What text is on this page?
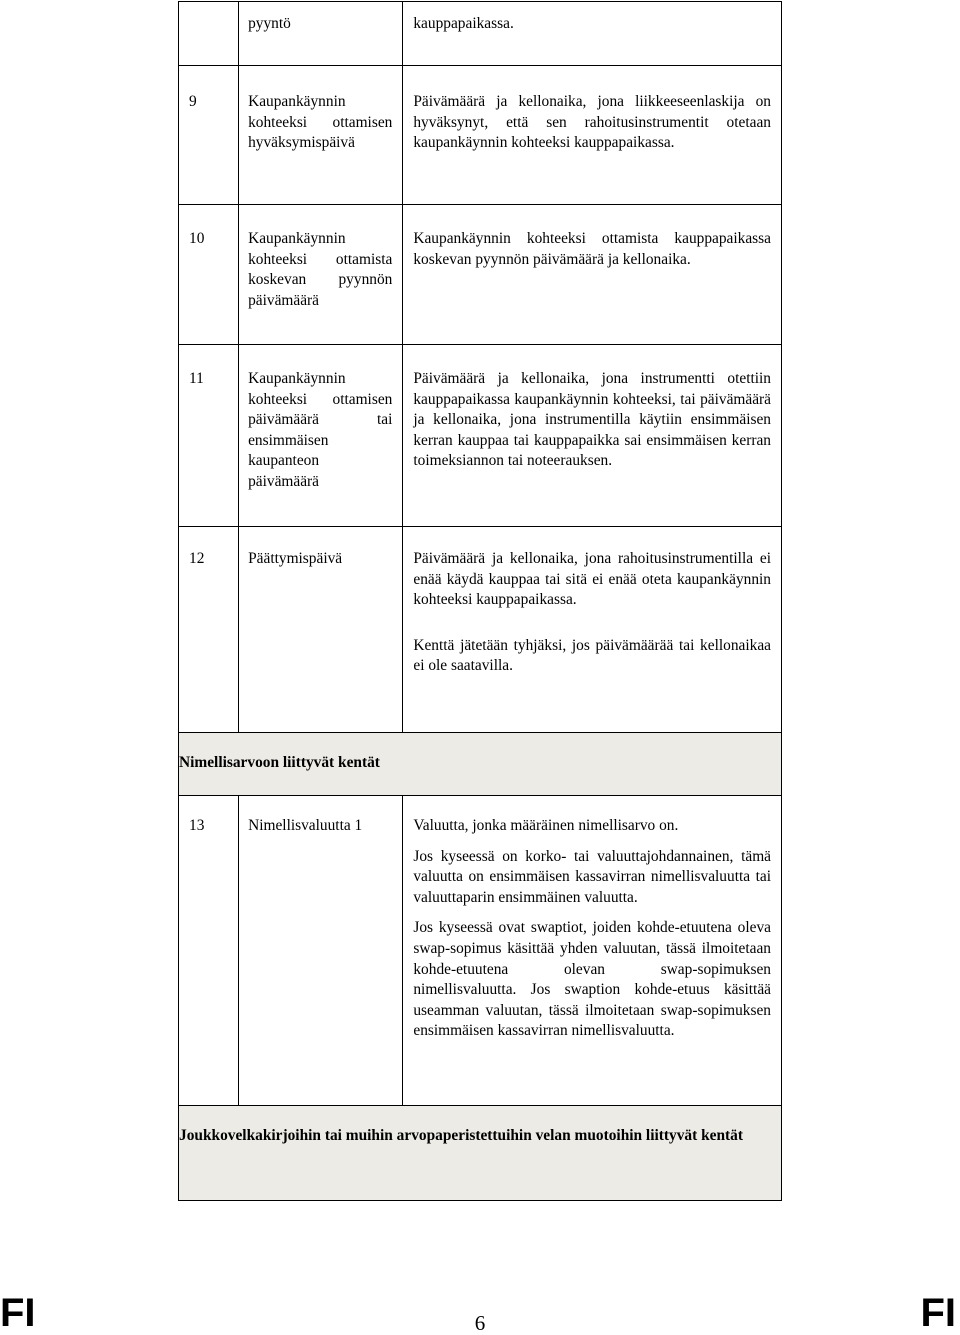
	pyyntö	kauppapaikassa.

9	Kaupankäynnin kohteeksi ottamisen hyväksymispäivä	Päivämäärä ja kellonaika, jona liikkeeseenlaskija on hyväksynyt, että sen rahoitusinstrumentit otetaan kaupankäynnin kohteeksi kauppapaikassa.

10	Kaupankäynnin kohteeksi ottamista koskevan pyynnön päivämäärä	Kaupankäynnin kohteeksi ottamista kauppapaikassa koskevan pyynnön päivämäärä ja kellonaika.

11	Kaupankäynnin kohteeksi ottamisen päivämäärä tai ensimmäisen kaupanteon päivämäärä	Päivämäärä ja kellonaika, jona instrumentti otettiin kauppapaikassa kaupankäynnin kohteeksi, tai päivämäärä ja kellonaika, jona instrumentilla käytiin ensimmäisen kerran kauppaa tai kauppapaikka sai ensimmäisen kerran toimeksiannon tai noteerauksen.

12	Päättymispäivä	Päivämäärä ja kellonaika, jona rahoitusinstrumentilla ei enää käydä kauppaa tai sitä ei enää oteta kaupankäynnin kohteeksi kauppapaikassa.

Kenttä jätetään tyhjäksi, jos päivämäärää tai kellonaikaa ei ole saatavilla.

Nimellisarvoon liittyvät kentät		

13	Nimellisvaluutta 1	Valuutta, jonka määräinen nimellisarvo on.

Jos kyseessä on korko- tai valuuttajohdannainen, tämä valuutta on ensimmäisen kassavirran nimellisvaluutta tai valuuttaparin ensimmäinen valuutta.

Jos kyseessä ovat swaptiot, joiden kohde-etuutena oleva swap-sopimus käsittää yhden valuutan, tässä ilmoitetaan kohde-etuutena olevan swap-sopimuksen nimellisvaluutta. Jos swaption kohde-etuus käsittää useamman valuutan, tässä ilmoitetaan swap-sopimuksen ensimmäisen kassavirran nimellisvaluutta.

Joukkovelkakirjoihin tai muihin arvopaperistettuihin velan muotoihin liittyvät kentät		
FI	6	FI
